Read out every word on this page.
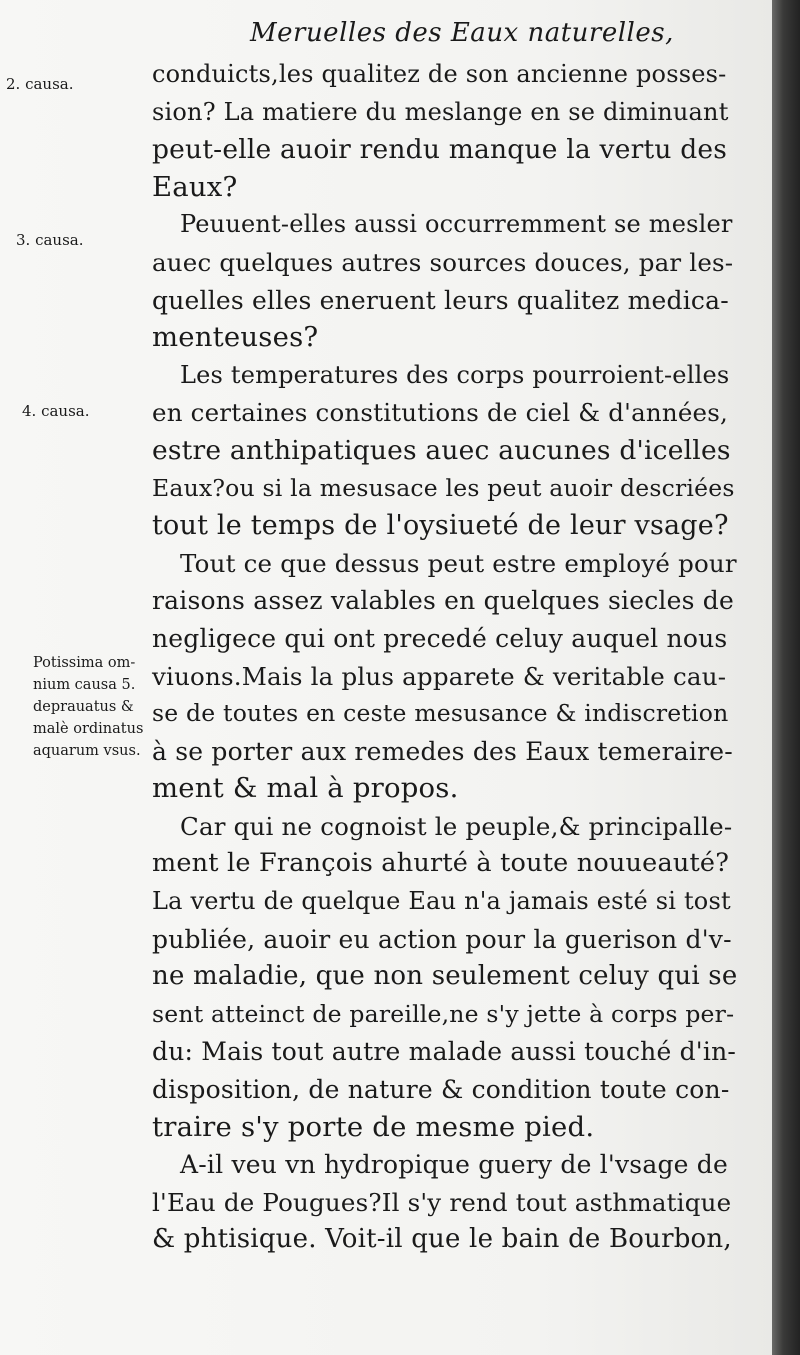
Meruelles des Eaux naturelles,
2. causa.
3. causa.
4. causa.
Potissima om-
nium causa 5.
deprauatus &
malè ordinatus
aquarum vsus.
conduicts,les qualitez de son ancienne posses-
sion? La matiere du meslange en se diminuant
peut-elle auoir rendu manque la vertu des
Eaux?
Peuuent-elles aussi occurremment se mesler
auec quelques autres sources douces, par les-
quelles elles eneruent leurs qualitez medica-
menteuses?
Les temperatures des corps pourroient-elles
en certaines constitutions de ciel & d'années,
estre anthipatiques auec aucunes d'icelles
Eaux?ou si la mesusace les peut auoir descriées
tout le temps de l'oysiueté de leur vsage?
Tout ce que dessus peut estre employé pour
raisons assez valables en quelques siecles de
negligece qui ont precedé celuy auquel nous
viuons.Mais la plus apparete & veritable cau-
se de toutes en ceste mesusance & indiscretion
à se porter aux remedes des Eaux temeraire-
ment & mal à propos.
Car qui ne cognoist le peuple,& principalle-
ment le François ahurté à toute nouueauté?
La vertu de quelque Eau n'a jamais esté si tost
publiée, auoir eu action pour la guerison d'v-
ne maladie, que non seulement celuy qui se
sent atteinct de pareille,ne s'y jette à corps per-
du: Mais tout autre malade aussi touché d'in-
disposition, de nature & condition toute con-
traire s'y porte de mesme pied.
A-il veu vn hydropique guery de l'vsage de
l'Eau de Pougues?Il s'y rend tout asthmatique
& phtisique. Voit-il que le bain de Bourbon,
